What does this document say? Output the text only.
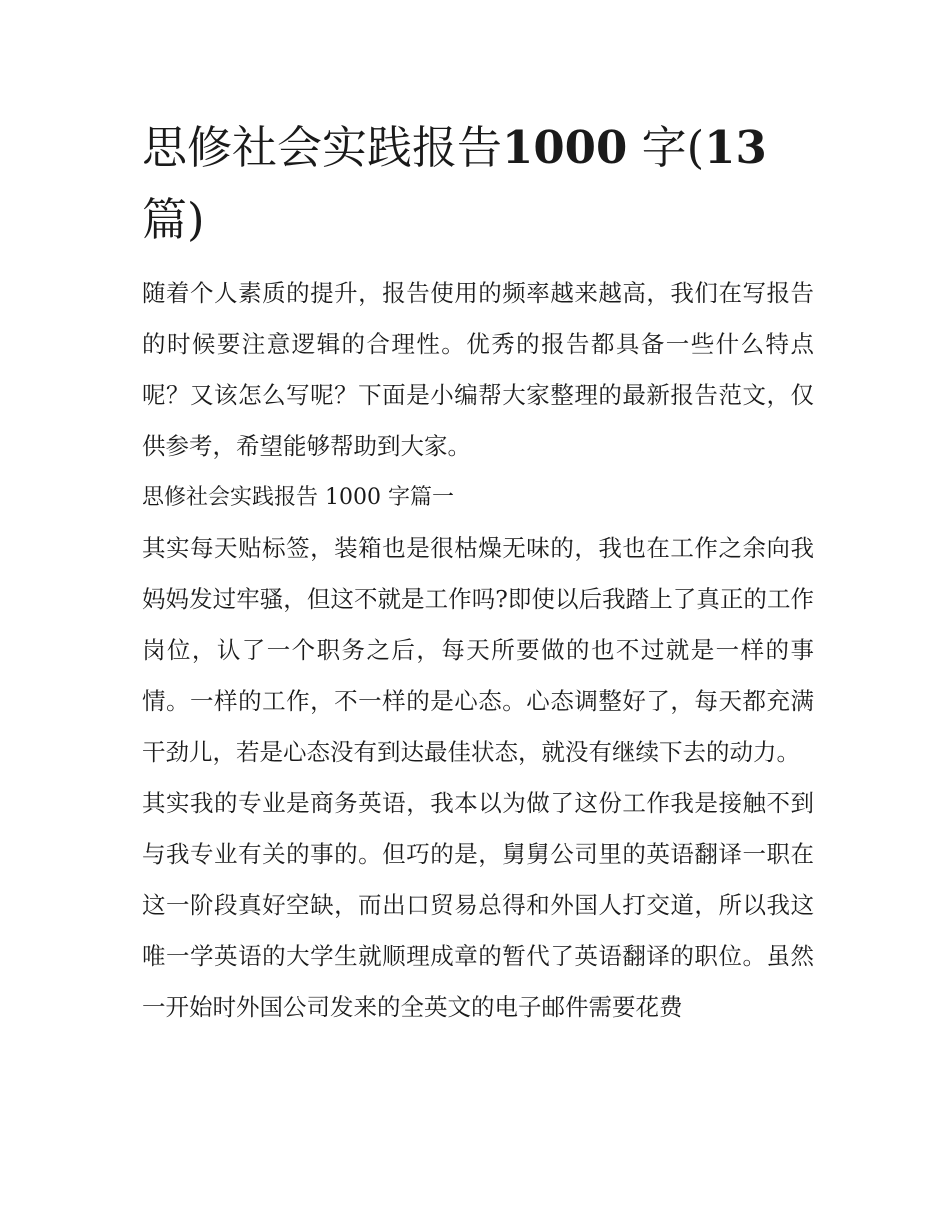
思修社会实践报告1000 字(13篇)

随着个人素质的提升，报告使用的频率越来越高，我们在写报告的时候要注意逻辑的合理性。优秀的报告都具备一些什么特点呢？又该怎么写呢？下面是小编帮大家整理的最新报告范文，仅供参考，希望能够帮助到大家。

思修社会实践报告 1000 字篇一

其实每天贴标签，装箱也是很枯燥无味的，我也在工作之余向我妈妈发过牢骚，但这不就是工作吗?即使以后我踏上了真正的工作岗位，认了一个职务之后，每天所要做的也不过就是一样的事情。一样的工作，不一样的是心态。心态调整好了，每天都充满干劲儿，若是心态没有到达最佳状态，就没有继续下去的动力。

其实我的专业是商务英语，我本以为做了这份工作我是接触不到与我专业有关的事的。但巧的是，舅舅公司里的英语翻译一职在这一阶段真好空缺，而出口贸易总得和外国人打交道，所以我这唯一学英语的大学生就顺理成章的暂代了英语翻译的职位。虽然一开始时外国公司发来的全英文的电子邮件需要花费
